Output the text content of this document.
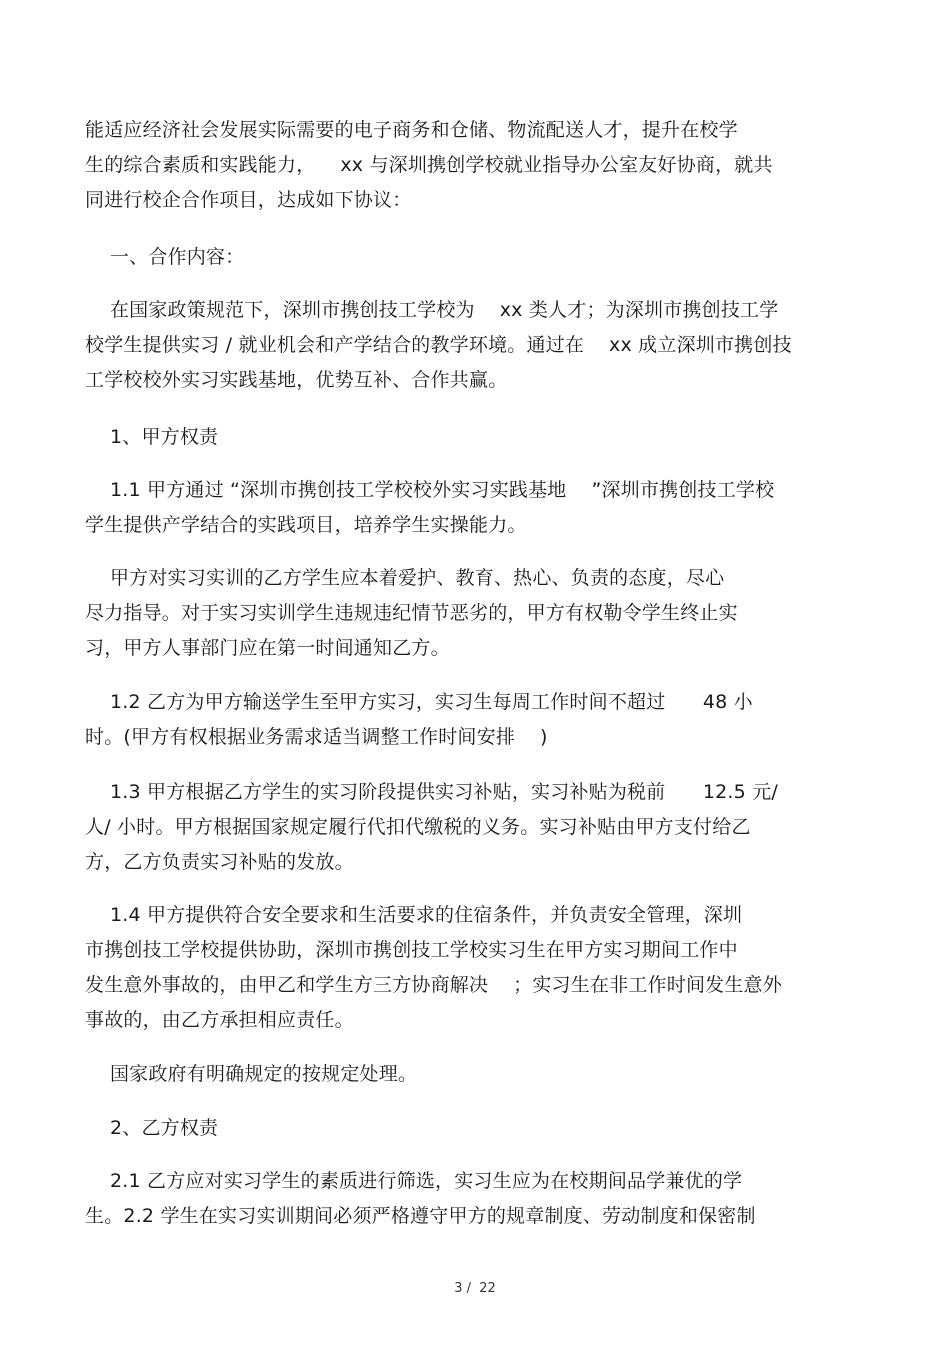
能适应经济社会发展实际需要的电子商务和仓储、物流配送人才，提升在校学
生的综合素质和实践能力，    xx 与深圳携创学校就业指导办公室友好协商，就共
同进行校企合作项目，达成如下协议：
一、合作内容：
在国家政策规范下，深圳市携创技工学校为    xx 类人才；为深圳市携创技工学
校学生提供实习 / 就业机会和产学结合的教学环境。通过在    xx 成立深圳市携创技
工学校校外实习实践基地，优势互补、合作共赢。
1、甲方权责
1.1 甲方通过 “深圳市携创技工学校校外实习实践基地    ”深圳市携创技工学校
学生提供产学结合的实践项目，培养学生实操能力。
甲方对实习实训的乙方学生应本着爱护、教育、热心、负责的态度，尽心
尽力指导。对于实习实训学生违规违纪情节恶劣的，甲方有权勒令学生终止实
习，甲方人事部门应在第一时间通知乙方。
1.2 乙方为甲方输送学生至甲方实习，实习生每周工作时间不超过      48 小
时。(甲方有权根据业务需求适当调整工作时间安排    )
1.3 甲方根据乙方学生的实习阶段提供实习补贴，实习补贴为税前      12.5 元/
人/ 小时。甲方根据国家规定履行代扣代缴税的义务。实习补贴由甲方支付给乙
方，乙方负责实习补贴的发放。
1.4 甲方提供符合安全要求和生活要求的住宿条件，并负责安全管理，深圳
市携创技工学校提供协助，深圳市携创技工学校实习生在甲方实习期间工作中
发生意外事故的，由甲乙和学生方三方协商解决    ；实习生在非工作时间发生意外
事故的，由乙方承担相应责任。
国家政府有明确规定的按规定处理。
2、乙方权责
2.1 乙方应对实习学生的素质进行筛选，实习生应为在校期间品学兼优的学
生。2.2 学生在实习实训期间必须严格遵守甲方的规章制度、劳动制度和保密制
3 /  22
